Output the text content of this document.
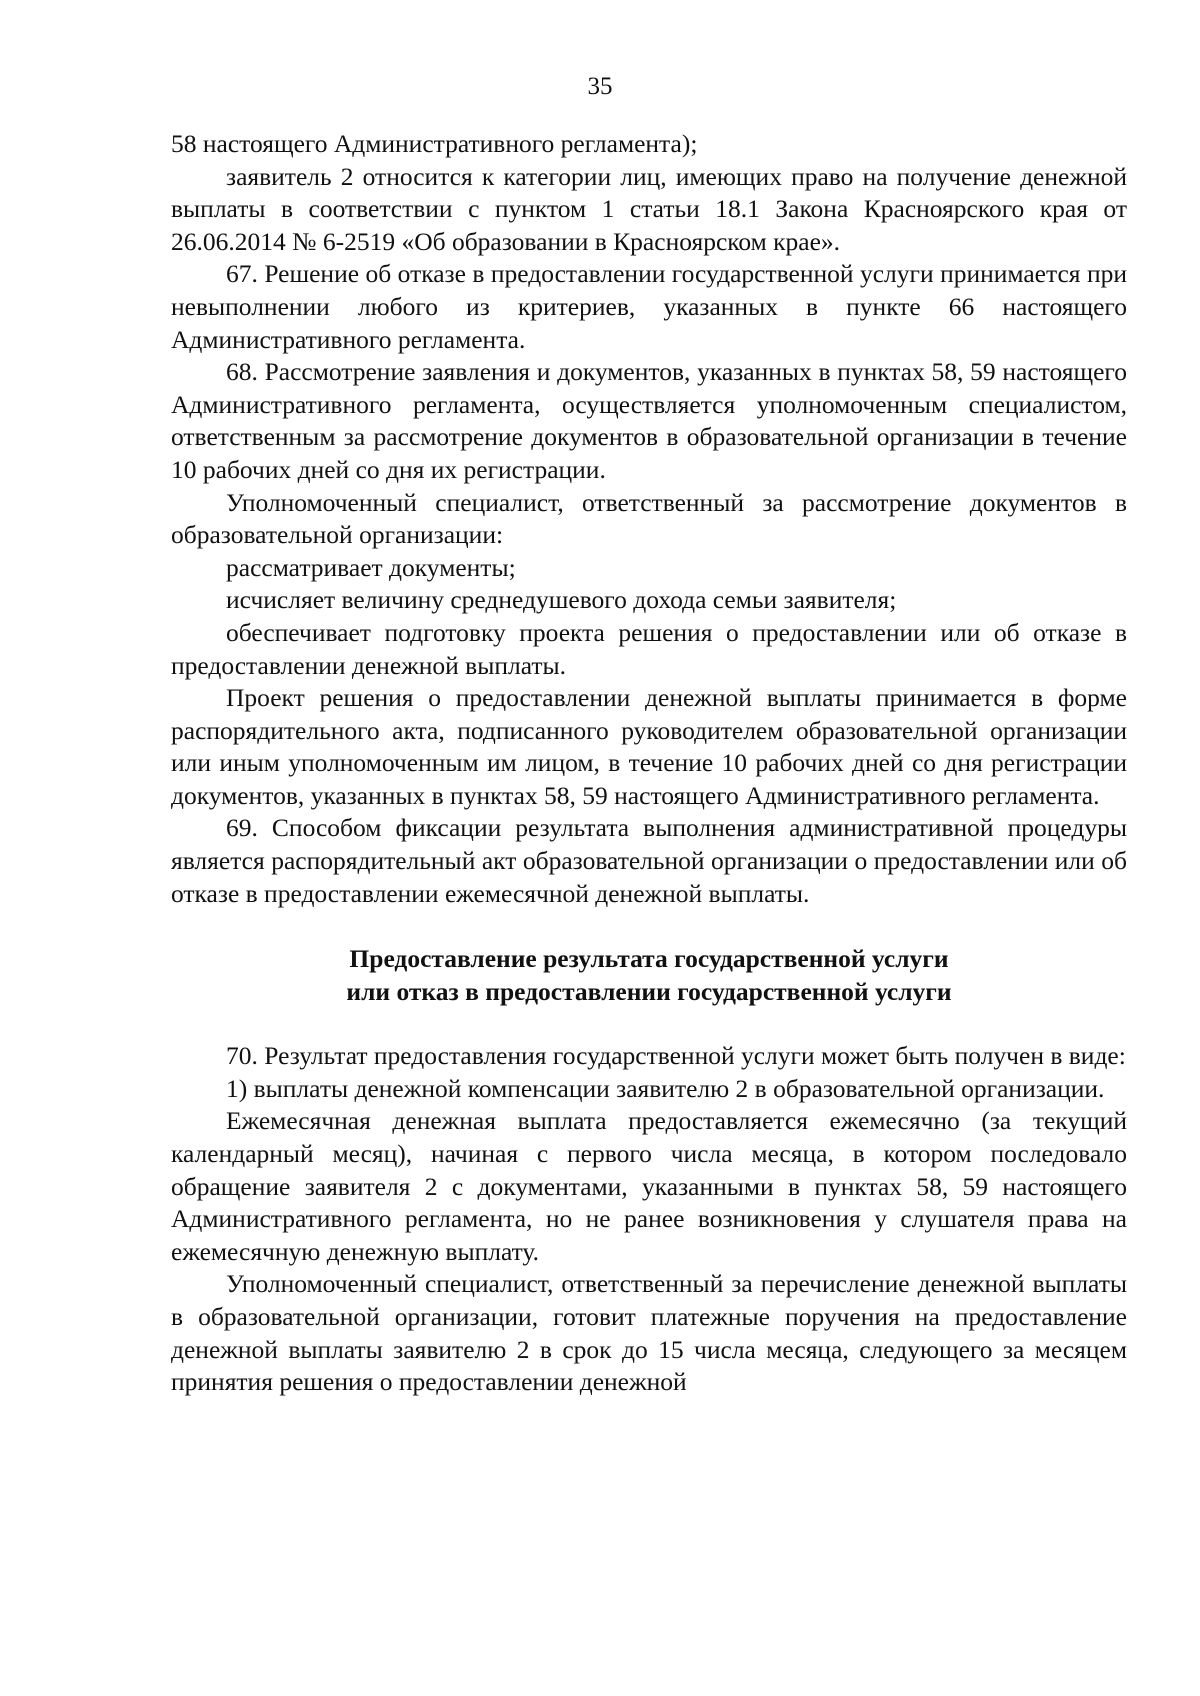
35

58 настоящего Административного регламента);

заявитель 2 относится к категории лиц, имеющих право на получение денежной выплаты в соответствии с пунктом 1 статьи 18.1 Закона Красноярского края от 26.06.2014 № 6-2519 «Об образовании в Красноярском крае».

67. Решение об отказе в предоставлении государственной услуги принимается при невыполнении любого из критериев, указанных в пункте 66 настоящего Административного регламента.

68. Рассмотрение заявления и документов, указанных в пунктах 58, 59 настоящего Административного регламента, осуществляется уполномоченным специалистом, ответственным за рассмотрение документов в образовательной организации в течение 10 рабочих дней со дня их регистрации.

Уполномоченный специалист, ответственный за рассмотрение документов в образовательной организации:

рассматривает документы;

исчисляет величину среднедушевого дохода семьи заявителя;

обеспечивает подготовку проекта решения о предоставлении или об отказе в предоставлении денежной выплаты.

Проект решения о предоставлении денежной выплаты принимается в форме распорядительного акта, подписанного руководителем образовательной организации или иным уполномоченным им лицом, в течение 10 рабочих дней со дня регистрации документов, указанных в пунктах 58, 59 настоящего Административного регламента.

69. Способом фиксации результата выполнения административной процедуры является распорядительный акт образовательной организации о предоставлении или об отказе в предоставлении ежемесячной денежной выплаты.

Предоставление результата государственной услуги

или отказ в предоставлении государственной услуги

70. Результат предоставления государственной услуги может быть получен в виде:

1) выплаты денежной компенсации заявителю 2 в образовательной организации.

Ежемесячная денежная выплата предоставляется ежемесячно (за текущий календарный месяц), начиная с первого числа месяца, в котором последовало обращение заявителя 2 с документами, указанными в пунктах 58, 59 настоящего Административного регламента, но не ранее возникновения у слушателя права на ежемесячную денежную выплату.

Уполномоченный специалист, ответственный за перечисление денежной выплаты в образовательной организации, готовит платежные поручения на предоставление денежной выплаты заявителю 2 в срок до 15 числа месяца, следующего за месяцем принятия решения о предоставлении денежной
